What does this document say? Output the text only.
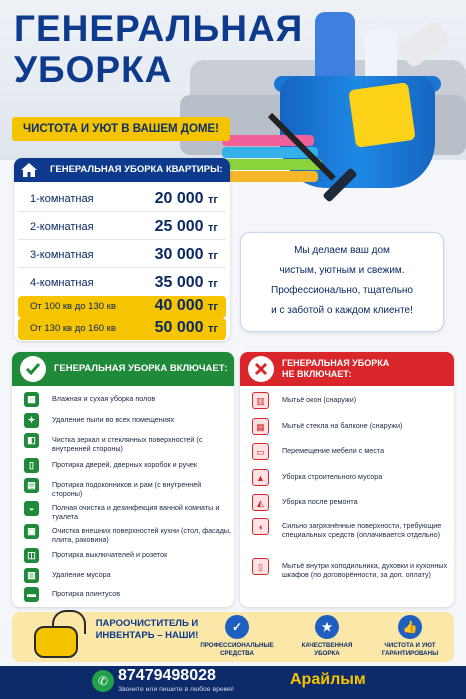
ГЕНЕРАЛЬНАЯ
УБОРКА
ЧИСТОТА И УЮТ В ВАШЕМ ДОМЕ!
ГЕНЕРАЛЬНАЯ УБОРКА КВАРТИРЫ:
1-комнатная	20 000 тг
2-комнатная	25 000 тг
3-комнатная	30 000 тг
4-комнатная	35 000 тг
От 100 кв до 130 кв 40 000 тг
От 130 кв до 160 кв 50 000 тг
Мы делаем ваш дом
чистым, уютным и свежим.
Профессионально, тщательно
и с заботой о каждом клиенте!
ГЕНЕРАЛЬНАЯ УБОРКА ВКЛЮЧАЕТ:
▦	Влажная и сухая уборка полов
✦	Удаление пыли во всех помещениях
◧	Чистка зеркал и стеклянных поверхностей (с внутренней стороны)
▯	Протирка дверей, дверных коробок и ручек
▤	Протирка подоконников и рам (с внутренней стороны)
◒	Полная очистка и дезинфекция ванной комнаты и туалета
▣	Очистка внешних поверхностей кухни (стол, фасады, плита, раковина)
◫	Протирка выключателей и розеток
▥	Удаление мусора
▬	Протирка плинтусов
ГЕНЕРАЛЬНАЯ УБОРКА
НЕ ВКЛЮЧАЕТ:
▥	Мытьё окон (снаружи)
▦	Мытьё стекла на балконе (снаружи)
▭	Перемещение мебели с места
▲	Уборка строительного мусора
◭	Уборка после ремонта
◖	Сильно загрязнённые поверхности, требующие специальных средств (оплачивается отдельно)
▯	Мытьё внутри холодильника, духовки и кухонных шкафов (по договорённости, за доп. оплату)
ПАРООЧИСТИТЕЛЬ И ИНВЕНТАРЬ – НАШИ!
✓
ПРОФЕССИОНАЛЬНЫЕ СРЕДСТВА
★
КАЧЕСТВЕННАЯ УБОРКА
👍
ЧИСТОТА И УЮТ ГАРАНТИРОВАНЫ
✆ 87479498028
Звоните или пишите в любое время!
Арайлым
